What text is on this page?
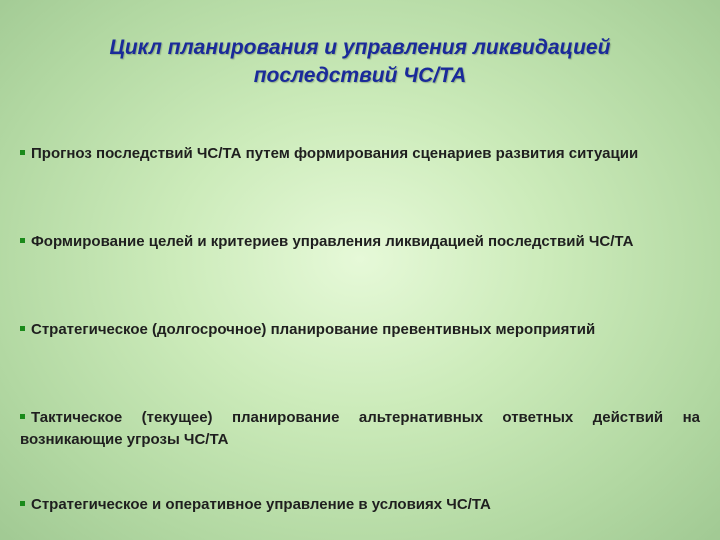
Цикл планирования и управления ликвидацией
последствий ЧС/ТА
Прогноз последствий ЧС/ТА путем формирования сценариев развития ситуации
Формирование целей и критериев управления ликвидацией последствий ЧС/ТА
Стратегическое (долгосрочное) планирование превентивных мероприятий
Тактическое (текущее) планирование альтернативных ответных действий на возникающие угрозы ЧС/ТА
Стратегическое и оперативное управление в условиях ЧС/ТА
